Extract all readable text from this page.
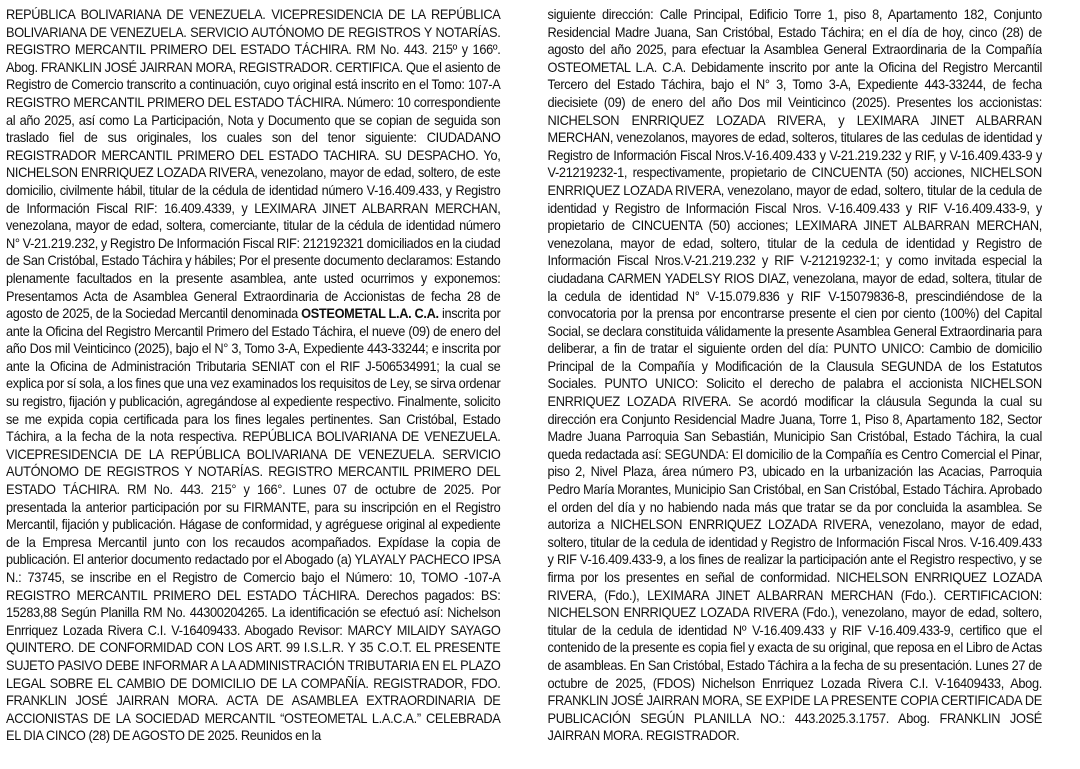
REPÚBLICA BOLIVARIANA DE VENEZUELA. VICEPRESIDENCIA DE LA REPÚBLICA BOLIVARIANA DE VENEZUELA. SERVICIO AUTÓNOMO DE REGISTROS Y NOTARÍAS. REGISTRO MERCANTIL PRIMERO DEL ESTADO TÁCHIRA. RM No. 443. 215º y 166º. Abog. FRANKLIN JOSÉ JAIRRAN MORA, REGISTRADOR. CERTIFICA. Que el asiento de Registro de Comercio transcrito a continuación, cuyo original está inscrito en el Tomo: 107-A REGISTRO MERCANTIL PRIMERO DEL ESTADO TÁCHIRA. Número: 10 correspondiente al año 2025, así como La Participación, Nota y Documento que se copian de seguida son traslado fiel de sus originales, los cuales son del tenor siguiente: CIUDADANO REGISTRADOR MERCANTIL PRIMERO DEL ESTADO TACHIRA. SU DESPACHO. Yo, NICHELSON ENRRIQUEZ LOZADA RIVERA, venezolano, mayor de edad, soltero, de este domicilio, civilmente hábil, titular de la cédula de identidad número V-16.409.433, y Registro de Información Fiscal RIF: 16.409.4339, y LEXIMARA JINET ALBARRAN MERCHAN, venezolana, mayor de edad, soltera, comerciante, titular de la cédula de identidad número N° V-21.219.232, y Registro De Información Fiscal RIF: 212192321 domiciliados en la ciudad de San Cristóbal, Estado Táchira y hábiles; Por el presente documento declaramos: Estando plenamente facultados en la presente asamblea, ante usted ocurrimos y exponemos: Presentamos Acta de Asamblea General Extraordinaria de Accionistas de fecha 28 de agosto de 2025, de la Sociedad Mercantil denominada OSTEOMETAL L.A. C.A. inscrita por ante la Oficina del Registro Mercantil Primero del Estado Táchira, el nueve (09) de enero del año Dos mil Veinticinco (2025), bajo el N° 3, Tomo 3-A, Expediente 443-33244; e inscrita por ante la Oficina de Administración Tributaria SENIAT con el RIF J-506534991; la cual se explica por sí sola, a los fines que una vez examinados los requisitos de Ley, se sirva ordenar su registro, fijación y publicación, agregándose al expediente respectivo. Finalmente, solicito se me expida copia certificada para los fines legales pertinentes. San Cristóbal, Estado Táchira, a la fecha de la nota respectiva. REPÚBLICA BOLIVARIANA DE VENEZUELA. VICEPRESIDENCIA DE LA REPÚBLICA BOLIVARIANA DE VENEZUELA. SERVICIO AUTÓNOMO DE REGISTROS Y NOTARÍAS. REGISTRO MERCANTIL PRIMERO DEL ESTADO TÁCHIRA. RM No. 443. 215° y 166°. Lunes 07 de octubre de 2025. Por presentada la anterior participación por su FIRMANTE, para su inscripción en el Registro Mercantil, fijación y publicación. Hágase de conformidad, y agréguese original al expediente de la Empresa Mercantil junto con los recaudos acompañados. Expídase la copia de publicación. El anterior documento redactado por el Abogado (a) YLAYALY PACHECO IPSA N.: 73745, se inscribe en el Registro de Comercio bajo el Número: 10, TOMO -107-A REGISTRO MERCANTIL PRIMERO DEL ESTADO TÁCHIRA. Derechos pagados: BS: 15283,88 Según Planilla RM No. 44300204265. La identificación se efectuó así: Nichelson Enrriquez Lozada Rivera C.I. V-16409433. Abogado Revisor: MARCY MILAIDY SAYAGO QUINTERO. DE CONFORMIDAD CON LOS ART. 99 I.S.L.R. Y 35 C.O.T. EL PRESENTE SUJETO PASIVO DEBE INFORMAR A LA ADMINISTRACIÓN TRIBUTARIA EN EL PLAZO LEGAL SOBRE EL CAMBIO DE DOMICILIO DE LA COMPAÑÍA. REGISTRADOR, FDO. FRANKLIN JOSÉ JAIRRAN MORA. ACTA DE ASAMBLEA EXTRAORDINARIA DE ACCIONISTAS DE LA SOCIEDAD MERCANTIL “OSTEOMETAL L.A.C.A.” CELEBRADA EL DIA CINCO (28) DE AGOSTO DE 2025. Reunidos en la

siguiente dirección: Calle Principal, Edificio Torre 1, piso 8, Apartamento 182, Conjunto Residencial Madre Juana, San Cristóbal, Estado Táchira; en el día de hoy, cinco (28) de agosto del año 2025, para efectuar la Asamblea General Extraordinaria de la Compañía OSTEOMETAL L.A. C.A. Debidamente inscrito por ante la Oficina del Registro Mercantil Tercero del Estado Táchira, bajo el N° 3, Tomo 3-A, Expediente 443-33244, de fecha diecisiete (09) de enero del año Dos mil Veinticinco (2025). Presentes los accionistas: NICHELSON ENRRIQUEZ LOZADA RIVERA, y LEXIMARA JINET ALBARRAN MERCHAN, venezolanos, mayores de edad, solteros, titulares de las cedulas de identidad y Registro de Información Fiscal Nros.V-16.409.433 y V-21.219.232 y RIF, y V-16.409.433-9 y V-21219232-1, respectivamente, propietario de CINCUENTA (50) acciones, NICHELSON ENRRIQUEZ LOZADA RIVERA, venezolano, mayor de edad, soltero, titular de la cedula de identidad y Registro de Información Fiscal Nros. V-16.409.433 y RIF V-16.409.433-9, y propietario de CINCUENTA (50) acciones; LEXIMARA JINET ALBARRAN MERCHAN, venezolana, mayor de edad, soltero, titular de la cedula de identidad y Registro de Información Fiscal Nros.V-21.219.232 y RIF V-21219232-1; y como invitada especial la ciudadana CARMEN YADELSY RIOS DIAZ, venezolana, mayor de edad, soltera, titular de la cedula de identidad N° V-15.079.836 y RIF V-15079836-8, prescindiéndose de la convocatoria por la prensa por encontrarse presente el cien por ciento (100%) del Capital Social, se declara constituida válidamente la presente Asamblea General Extraordinaria para deliberar, a fin de tratar el siguiente orden del día: PUNTO UNICO: Cambio de domicilio Principal de la Compañía y Modificación de la Clausula SEGUNDA de los Estatutos Sociales. PUNTO UNICO: Solicito el derecho de palabra el accionista NICHELSON ENRRIQUEZ LOZADA RIVERA. Se acordó modificar la cláusula Segunda la cual su dirección era Conjunto Residencial Madre Juana, Torre 1, Piso 8, Apartamento 182, Sector Madre Juana Parroquia San Sebastián, Municipio San Cristóbal, Estado Táchira, la cual queda redactada así: SEGUNDA: El domicilio de la Compañía es Centro Comercial el Pinar, piso 2, Nivel Plaza, área número P3, ubicado en la urbanización las Acacias, Parroquia Pedro María Morantes, Municipio San Cristóbal, en San Cristóbal, Estado Táchira. Aprobado el orden del día y no habiendo nada más que tratar se da por concluida la asamblea. Se autoriza a NICHELSON ENRRIQUEZ LOZADA RIVERA, venezolano, mayor de edad, soltero, titular de la cedula de identidad y Registro de Información Fiscal Nros. V-16.409.433 y RIF V-16.409.433-9, a los fines de realizar la participación ante el Registro respectivo, y se firma por los presentes en señal de conformidad. NICHELSON ENRRIQUEZ LOZADA RIVERA, (Fdo.), LEXIMARA JINET ALBARRAN MERCHAN (Fdo.). CERTIFICACION: NICHELSON ENRRIQUEZ LOZADA RIVERA (Fdo.), venezolano, mayor de edad, soltero, titular de la cedula de identidad Nº V-16.409.433 y RIF V-16.409.433-9, certifico que el contenido de la presente es copia fiel y exacta de su original, que reposa en el Libro de Actas de asambleas. En San Cristóbal, Estado Táchira a la fecha de su presentación. Lunes 27 de octubre de 2025, (FDOS) Nichelson Enrriquez Lozada Rivera C.I. V-16409433, Abog. FRANKLIN JOSÉ JAIRRAN MORA, SE EXPIDE LA PRESENTE COPIA CERTIFICADA DE PUBLICACIÓN SEGÚN PLANILLA NO.: 443.2025.3.1757. Abog. FRANKLIN JOSÉ JAIRRAN MORA. REGISTRADOR.
